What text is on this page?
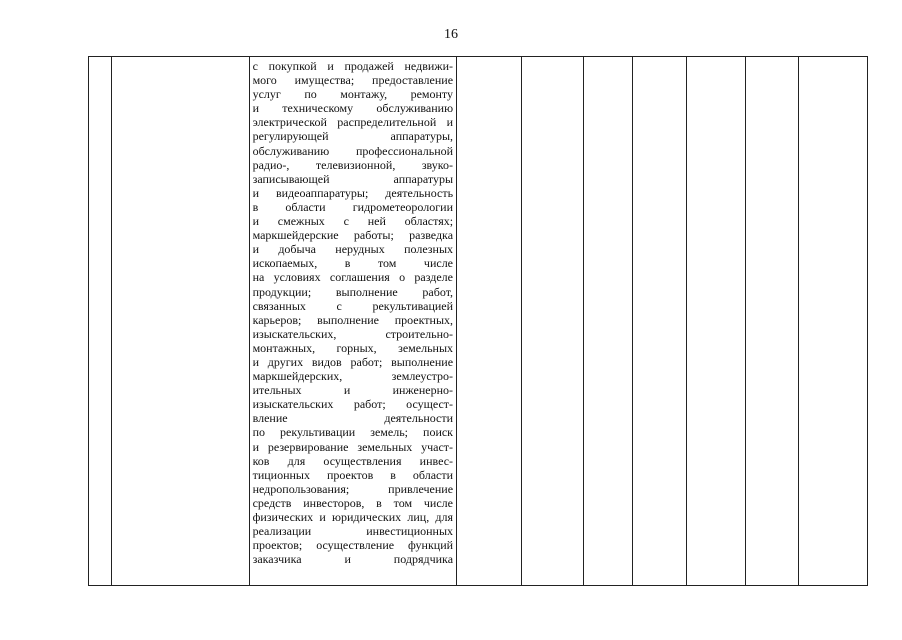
16
с покупкой и продажей недвижи-
мого имущества; предоставление
услуг по монтажу, ремонту
и техническому обслуживанию
электрической распределительной и
регулирующей	аппаратуры,
обслуживанию профессиональной
радио-, телевизионной, звуко-
записывающей	аппаратуры
и видеоаппаратуры; деятельность
в области гидрометеорологии
и смежных с ней областях;
маркшейдерские работы; разведка
и добыча нерудных полезных
ископаемых, в том числе
на условиях соглашения о разделе
продукции; выполнение работ,
связанных	с	рекультивацией
карьеров; выполнение проектных,
изыскательских,	строительно-
монтажных, горных, земельных
и других видов работ; выполнение
маркшейдерских,	землеустро-
ительных	и	инженерно-
изыскательских работ; осущест-
вление	деятельности
по рекультивации земель; поиск
и резервирование земельных участ-
ков для осуществления инвес-
тиционных проектов в области
недропользования;	привлечение
средств инвесторов, в том числе
физических и юридических лиц, для
реализации	инвестиционных
проектов; осуществление функций
заказчика	и	подрядчика
